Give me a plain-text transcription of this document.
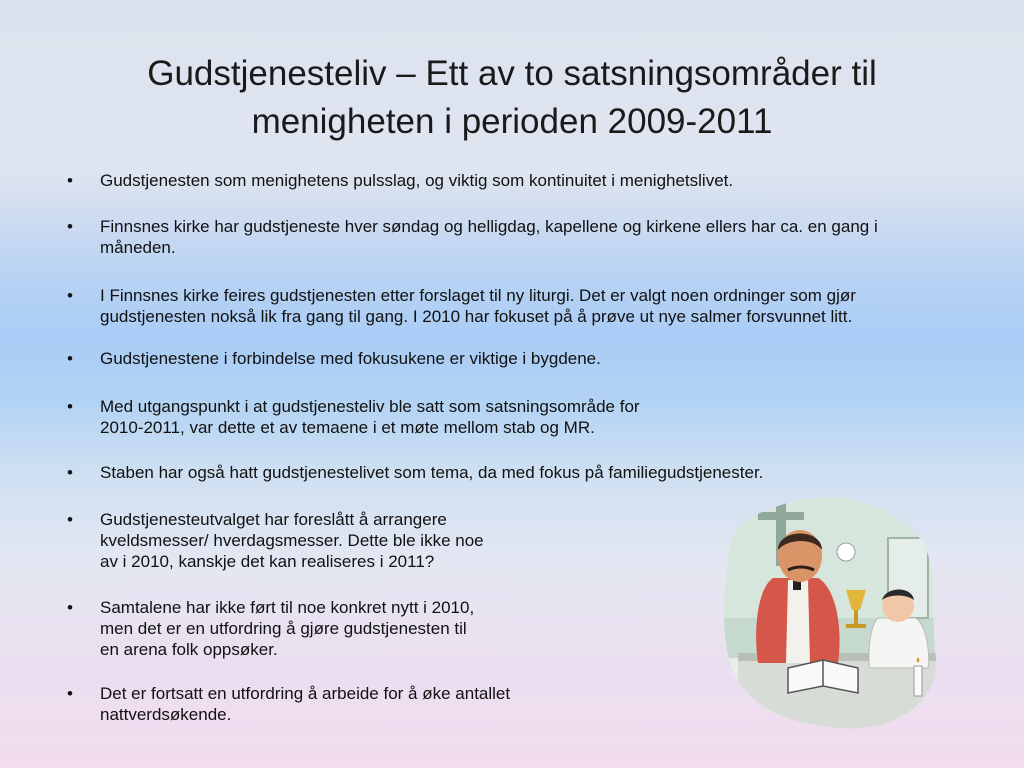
Gudstjenesteliv – Ett av to satsningsområder til
menigheten i perioden 2009-2011
•	Gudstjenesten som menighetens pulsslag, og viktig som kontinuitet i menighetslivet.
•	Finnsnes kirke har gudstjeneste hver søndag og helligdag, kapellene og kirkene ellers har ca. en gang i
måneden.
•	I Finnsnes kirke feires gudstjenesten etter forslaget til ny liturgi. Det er valgt noen ordninger som gjør
gudstjenesten nokså lik fra gang til gang. I 2010 har fokuset på å prøve ut nye salmer forsvunnet litt.
•	Gudstjenestene i forbindelse med fokusukene er viktige i bygdene.
•	Med utgangspunkt i at gudstjenesteliv ble satt som satsningsområde for
2010-2011, var dette et av temaene i et møte mellom stab og MR.
•	Staben har også hatt gudstjenestelivet som tema, da med fokus på familiegudstjenester.
•	Gudstjenesteutvalget har foreslått å arrangere
kveldsmesser/ hverdagsmesser. Dette ble ikke noe
av i 2010, kanskje det kan realiseres i 2011?
•	Samtalene har ikke ført til noe konkret nytt i 2010,
men det er en utfordring å gjøre gudstjenesten til
en arena folk oppsøker.
•	Det er fortsatt en utfordring å arbeide for å øke antallet
nattverdsøkende.
